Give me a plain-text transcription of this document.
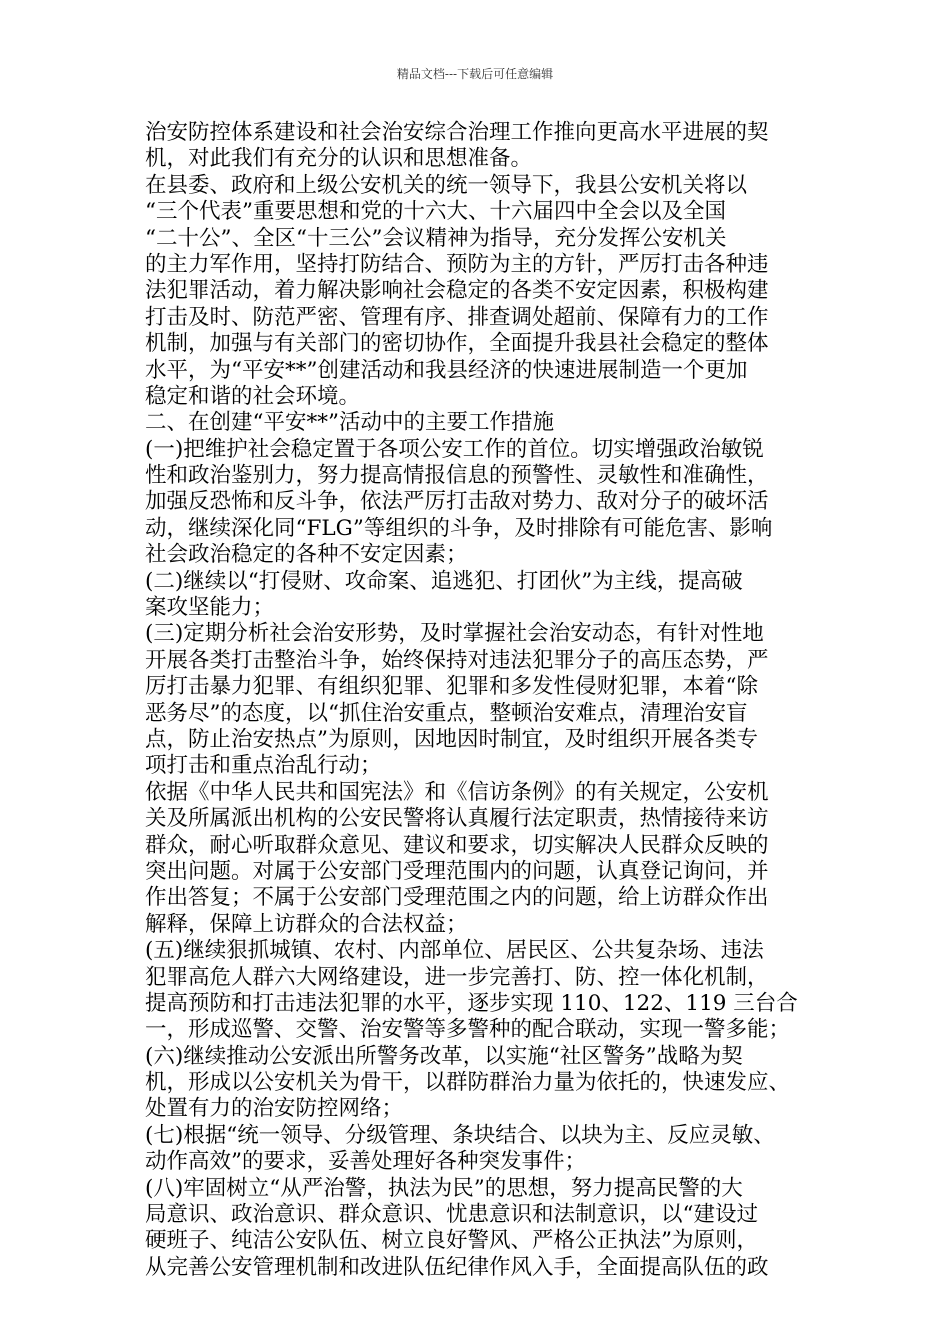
精品文档---下载后可任意编辑
治安防控体系建设和社会治安综合治理工作推向更高水平进展的契
机，对此我们有充分的认识和思想准备。
在县委、政府和上级公安机关的统一领导下，我县公安机关将以
“三个代表”重要思想和党的十六大、十六届四中全会以及全国
“二十公”、全区“十三公”会议精神为指导，充分发挥公安机关
的主力军作用，坚持打防结合、预防为主的方针，严厉打击各种违
法犯罪活动，着力解决影响社会稳定的各类不安定因素，积极构建
打击及时、防范严密、管理有序、排查调处超前、保障有力的工作
机制，加强与有关部门的密切协作，全面提升我县社会稳定的整体
水平，为“平安**”创建活动和我县经济的快速进展制造一个更加
稳定和谐的社会环境。
二、在创建“平安**”活动中的主要工作措施
(一)把维护社会稳定置于各项公安工作的首位。切实增强政治敏锐
性和政治鉴别力，努力提高情报信息的预警性、灵敏性和准确性，
加强反恐怖和反斗争，依法严厉打击敌对势力、敌对分子的破坏活
动，继续深化同“FLG”等组织的斗争，及时排除有可能危害、影响
社会政治稳定的各种不安定因素；
(二)继续以“打侵财、攻命案、追逃犯、打团伙”为主线，提高破
案攻坚能力；
(三)定期分析社会治安形势，及时掌握社会治安动态，有针对性地
开展各类打击整治斗争，始终保持对违法犯罪分子的高压态势，严
厉打击暴力犯罪、有组织犯罪、犯罪和多发性侵财犯罪，本着“除
恶务尽”的态度，以“抓住治安重点，整顿治安难点，清理治安盲
点，防止治安热点”为原则，因地因时制宜，及时组织开展各类专
项打击和重点治乱行动；
依据《中华人民共和国宪法》和《信访条例》的有关规定，公安机
关及所属派出机构的公安民警将认真履行法定职责，热情接待来访
群众，耐心听取群众意见、建议和要求，切实解决人民群众反映的
突出问题。对属于公安部门受理范围内的问题，认真登记询问，并
作出答复；不属于公安部门受理范围之内的问题，给上访群众作出
解释，保障上访群众的合法权益；
(五)继续狠抓城镇、农村、内部单位、居民区、公共复杂场、违法
犯罪高危人群六大网络建设，进一步完善打、防、控一体化机制，
提高预防和打击违法犯罪的水平，逐步实现 110、122、119 三台合
一，形成巡警、交警、治安警等多警种的配合联动，实现一警多能；
(六)继续推动公安派出所警务改革，以实施“社区警务”战略为契
机，形成以公安机关为骨干，以群防群治力量为依托的，快速发应、
处置有力的治安防控网络；
(七)根据“统一领导、分级管理、条块结合、以块为主、反应灵敏、
动作高效”的要求，妥善处理好各种突发事件；
(八)牢固树立“从严治警，执法为民”的思想，努力提高民警的大
局意识、政治意识、群众意识、忧患意识和法制意识，以“建设过
硬班子、纯洁公安队伍、树立良好警风、严格公正执法”为原则，
从完善公安管理机制和改进队伍纪律作风入手，全面提高队伍的政
